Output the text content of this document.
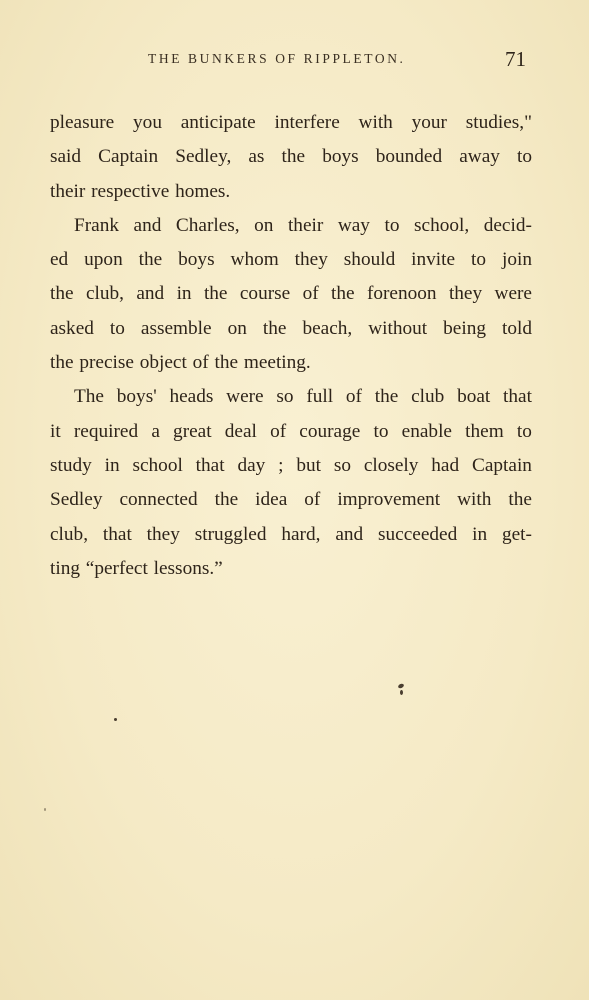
THE BUNKERS OF RIPPLETON.	71
pleasure you anticipate interfere with your studies,"
said Captain Sedley, as the boys bounded away to
their respective homes.
Frank and Charles, on their way to school, decid-
ed upon the boys whom they should invite to join
the club, and in the course of the forenoon they were
asked to assemble on the beach, without being told
the precise object of the meeting.
The boys' heads were so full of the club boat that
it required a great deal of courage to enable them to
study in school that day ; but so closely had Captain
Sedley connected the idea of improvement with the
club, that they struggled hard, and succeeded in get-
ting “perfect lessons.”
